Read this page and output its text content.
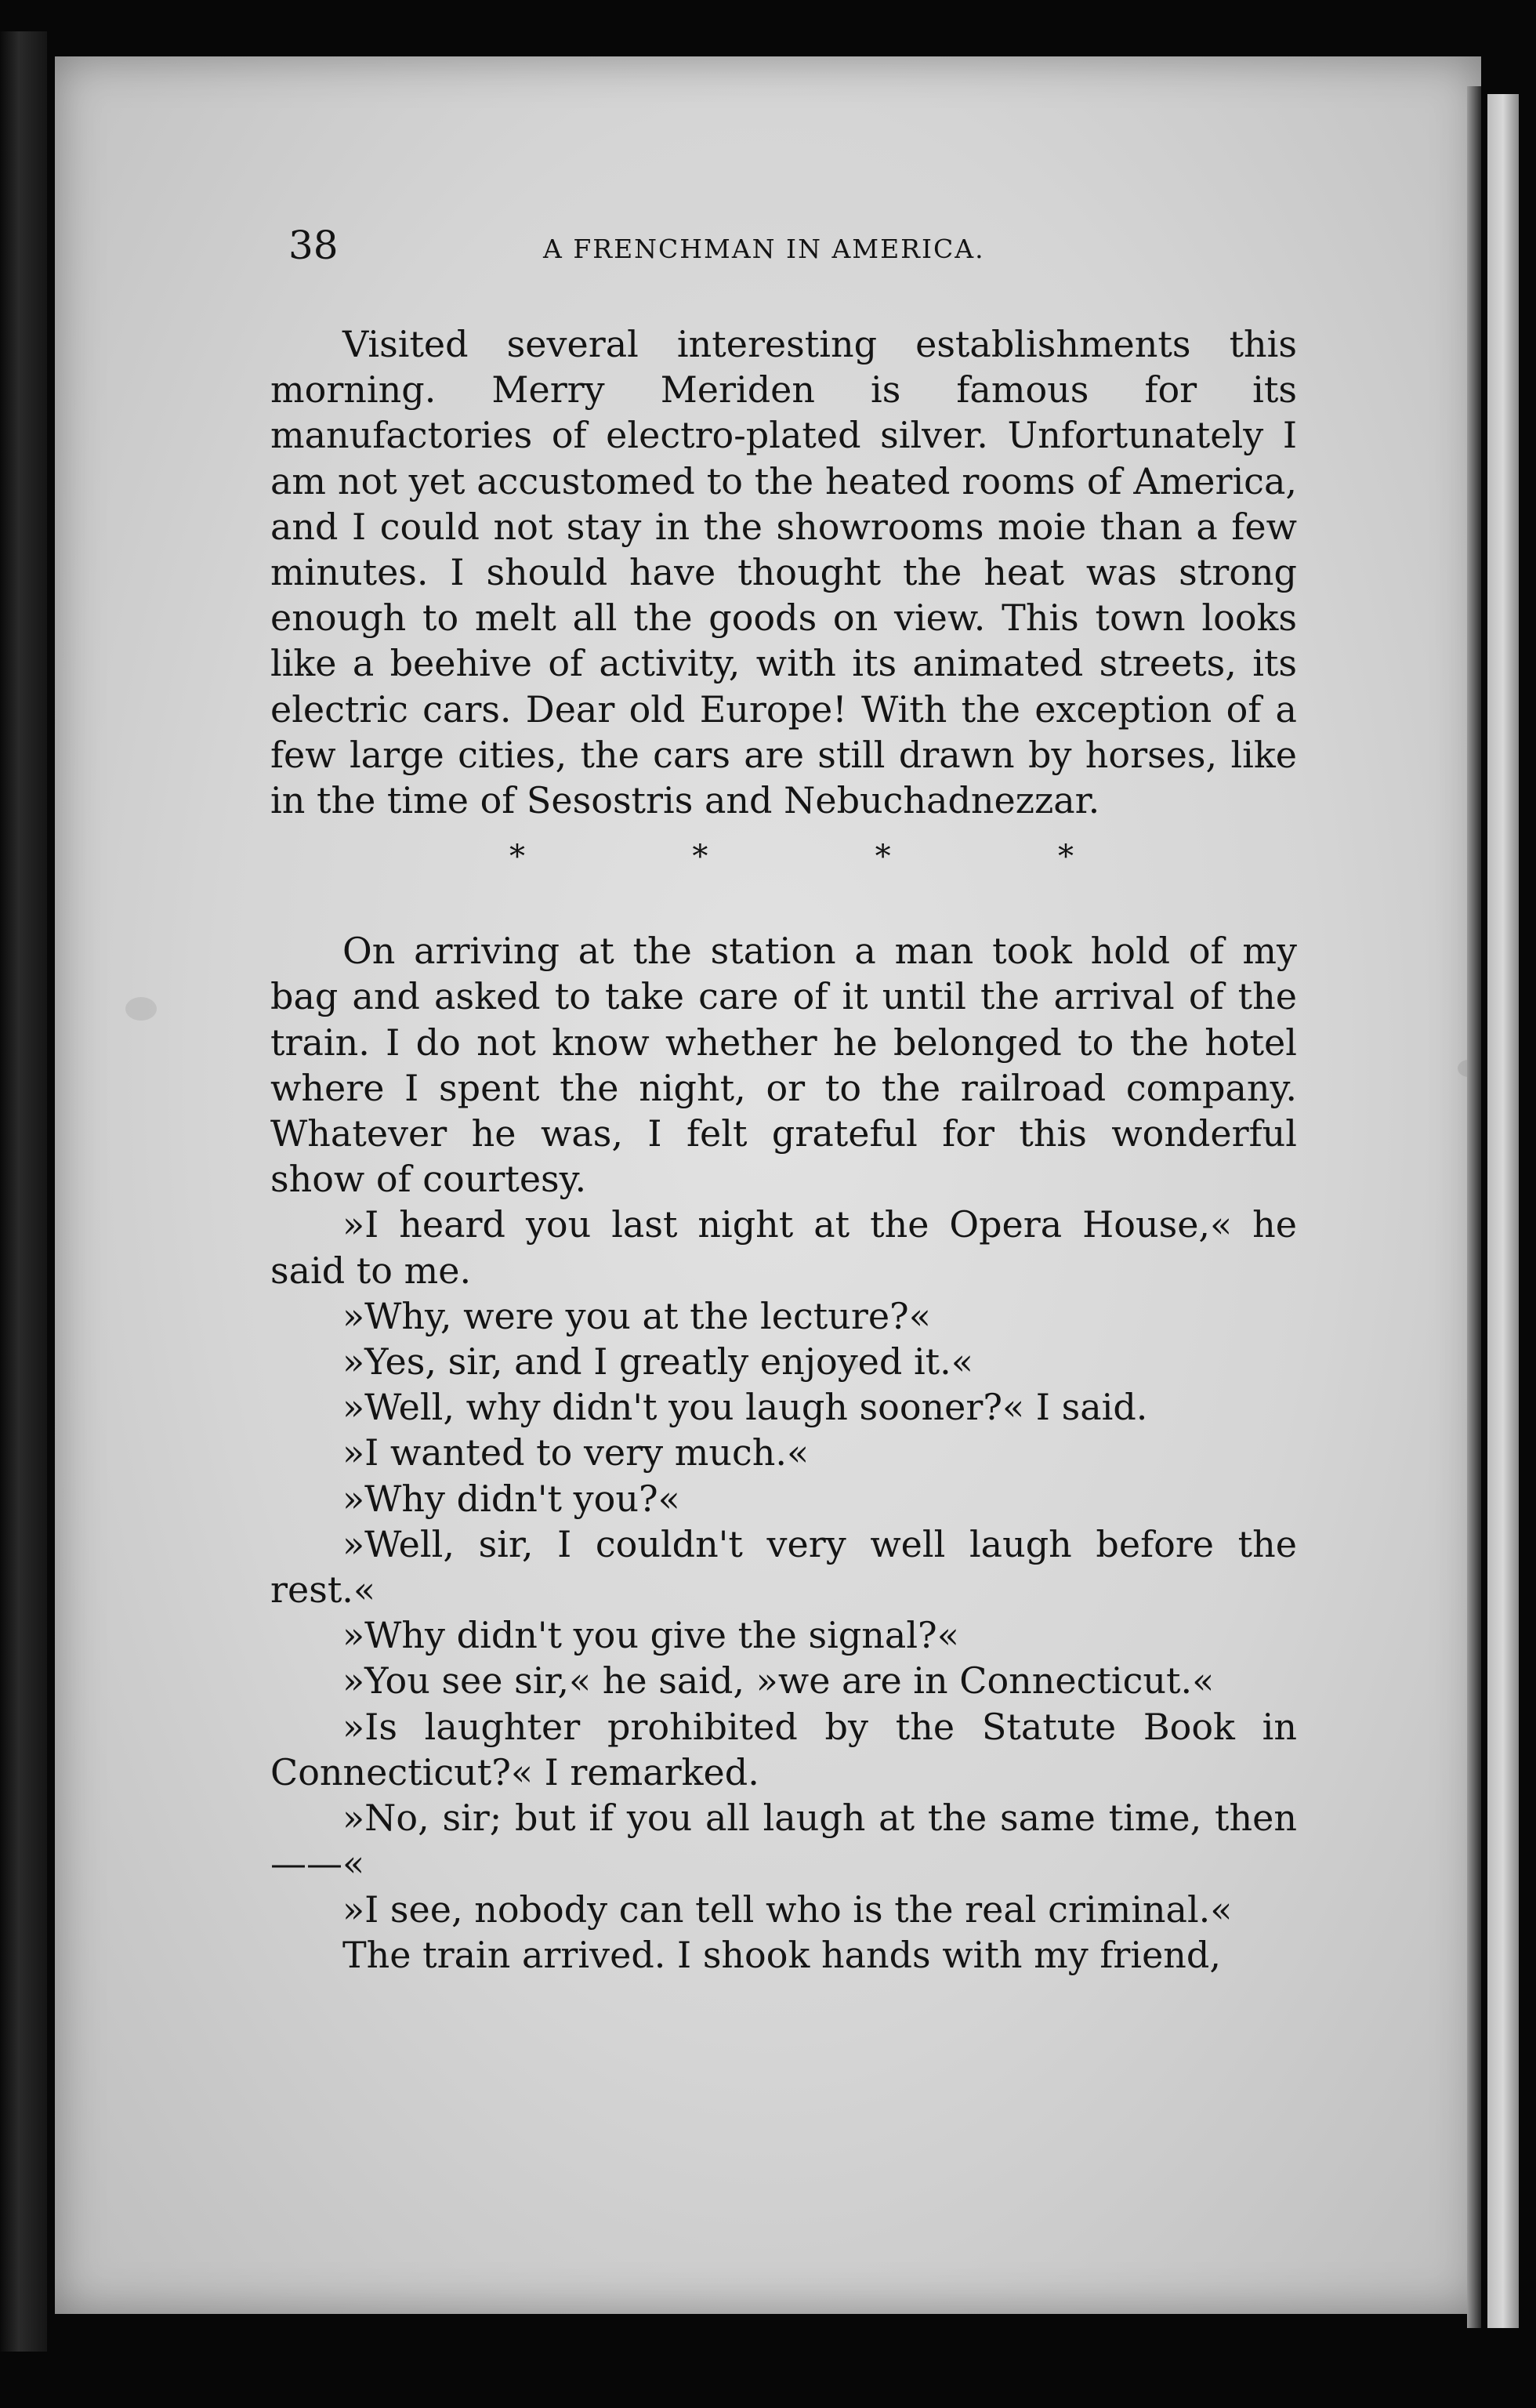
38	A FRENCHMAN IN AMERICA.

Visited several interesting establishments this morning. Merry Meriden is famous for its manufactories of electro-plated silver. Unfortunately I am not yet accustomed to the heated rooms of America, and I could not stay in the showrooms moie than a few minutes. I should have thought the heat was strong enough to melt all the goods on view. This town looks like a beehive of activity, with its animated streets, its electric cars. Dear old Europe! With the exception of a few large cities, the cars are still drawn by horses, like in the time of Sesostris and Nebuchadnezzar.

*	*	*	*

On arriving at the station a man took hold of my bag and asked to take care of it until the arrival of the train. I do not know whether he belonged to the hotel where I spent the night, or to the railroad company. Whatever he was, I felt grateful for this wonderful show of courtesy.

»I heard you last night at the Opera House,« he said to me.

»Why, were you at the lecture?«

»Yes, sir, and I greatly enjoyed it.«

»Well, why didn't you laugh sooner?« I said.

»I wanted to very much.«

»Why didn't you?«

»Well, sir, I couldn't very well laugh before the rest.«

»Why didn't you give the signal?«

»You see sir,« he said, »we are in Connecticut.«

»Is laughter prohibited by the Statute Book in Connecticut?« I remarked.

»No, sir; but if you all laugh at the same time, then——«

»I see, nobody can tell who is the real criminal.«

The train arrived. I shook hands with my friend,
